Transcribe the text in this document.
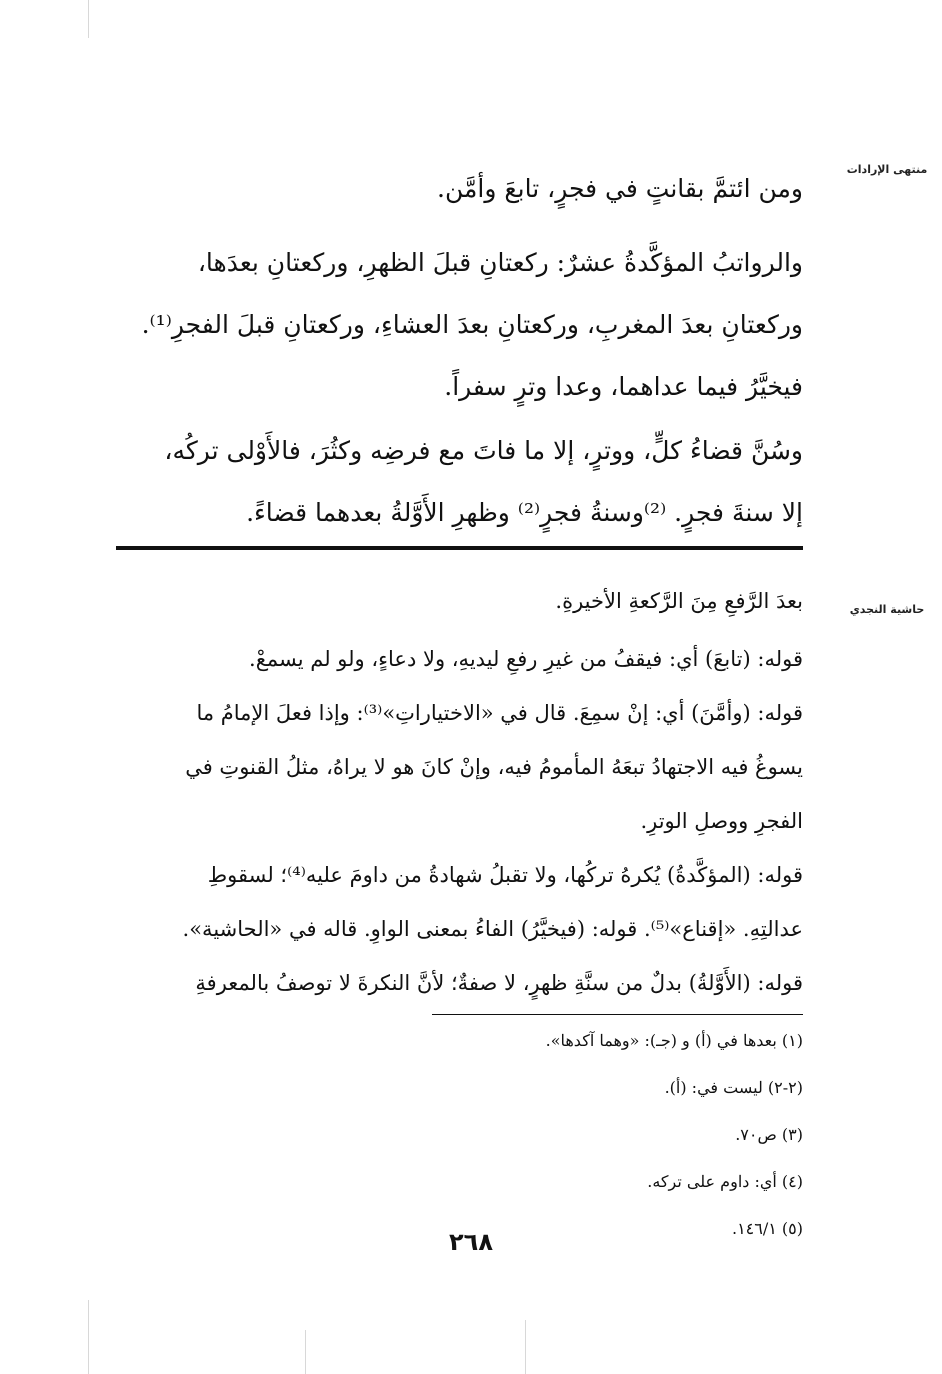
منتهى الإرادات
حاشية النجدي
ومن ائتمَّ بقانتٍ في فجرٍ، تابعَ وأمَّن.
والرواتبُ المؤكَّدةُ عشرٌ: ركعتانِ قبلَ الظهرِ، وركعتانِ بعدَها،
وركعتانِ بعدَ المغربِ، وركعتانِ بعدَ العشاءِ، وركعتانِ قبلَ الفجرِ⁽¹⁾.
فيخيَّرُ فيما عداهما، وعدا وترٍ سفراً.
وسُنَّ قضاءُ كلٍّ، ووترٍ، إلا ما فاتَ مع فرضِه وكثُرَ، فالأَوْلى تركُه،
إلا سنةَ فجرٍ. ⁽²⁾وسنةُ فجرٍ⁽²⁾ وظهرِ الأَوَّلةُ بعدهما قضاءً.
بعدَ الرَّفعِ مِنَ الرَّكعةِ الأخيرةِ.
قوله: (تابعَ) أي: فيقفُ من غيرِ رفعِ ليديهِ، ولا دعاءٍ، ولو لم يسمعْ.
قوله: (وأمَّنَ) أي: إنْ سمِعَ. قال في «الاختياراتِ»⁽³⁾: وإذا فعلَ الإمامُ ما
يسوغُ فيه الاجتهادُ تبعَهُ المأمومُ فيه، وإنْ كانَ هو لا يراهُ، مثلُ القنوتِ في
الفجرِ ووصلِ الوترِ.
قوله: (المؤكَّدةُ) يُكرهُ تركُها، ولا تقبلُ شهادةُ من داومَ عليه⁽⁴⁾؛ لسقوطِ
عدالتِهِ. «إقناع»⁽⁵⁾. قوله: (فيخيَّرُ) الفاءُ بمعنى الواوِ. قاله في «الحاشية».
قوله: (الأَوَّلةُ) بدلٌ من سنَّةِ ظهرٍ، لا صفةٌ؛ لأنَّ النكرةَ لا توصفُ بالمعرفةِ
(١) بعدها في (أ) و (جـ): «وهما آكدها».
(٢-٢) ليست في: (أ).
(٣) ص٧٠.
(٤) أي: داوم على تركه.
(٥) ١٤٦/١.
٢٦٨
